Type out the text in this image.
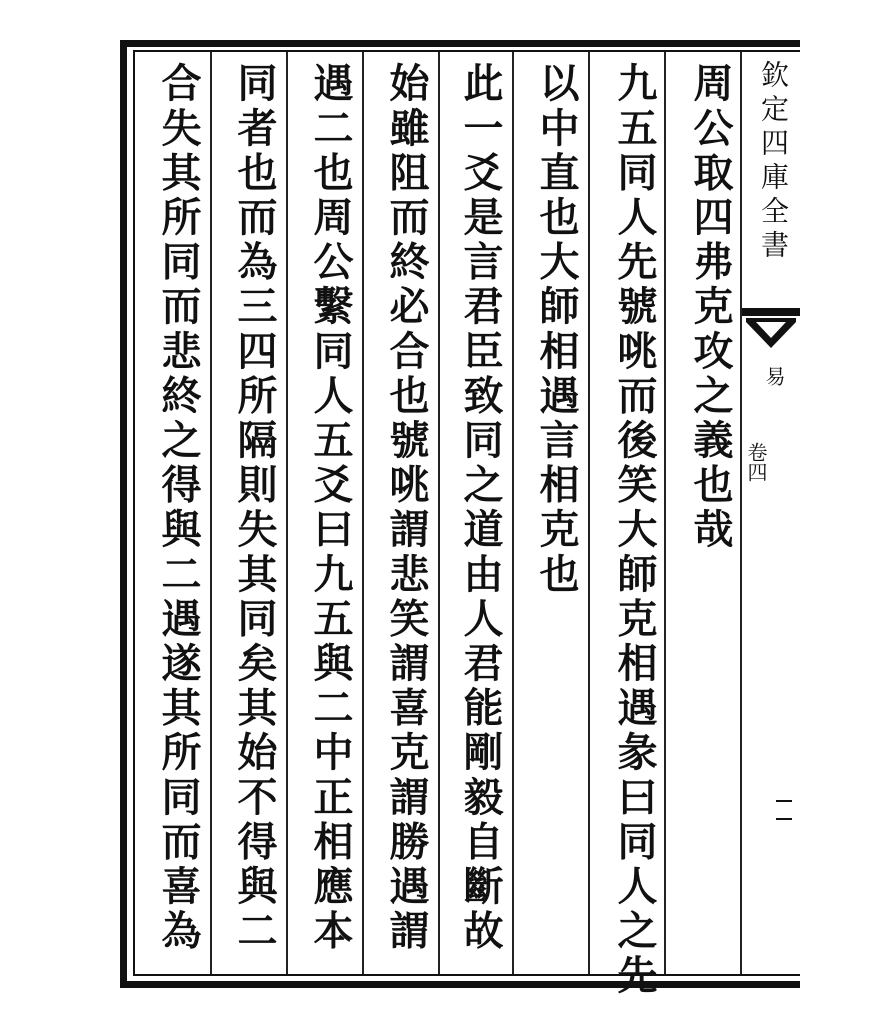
周公取四弗克攻之義也哉
九五同人先號咷而後笑大師克相遇彖曰同人之先
以中直也大師相遇言相克也
此一爻是言君臣致同之道由人君能剛毅自斷故
始雖阻而終必合也號咷謂悲笑謂喜克謂勝遇謂
遇二也周公繫同人五爻曰九五與二中正相應本
同者也而為三四所隔則失其同矣其始不得與二
合失其所同而悲終之得與二遇遂其所同而喜為	欽定四庫全書
易
卷四
